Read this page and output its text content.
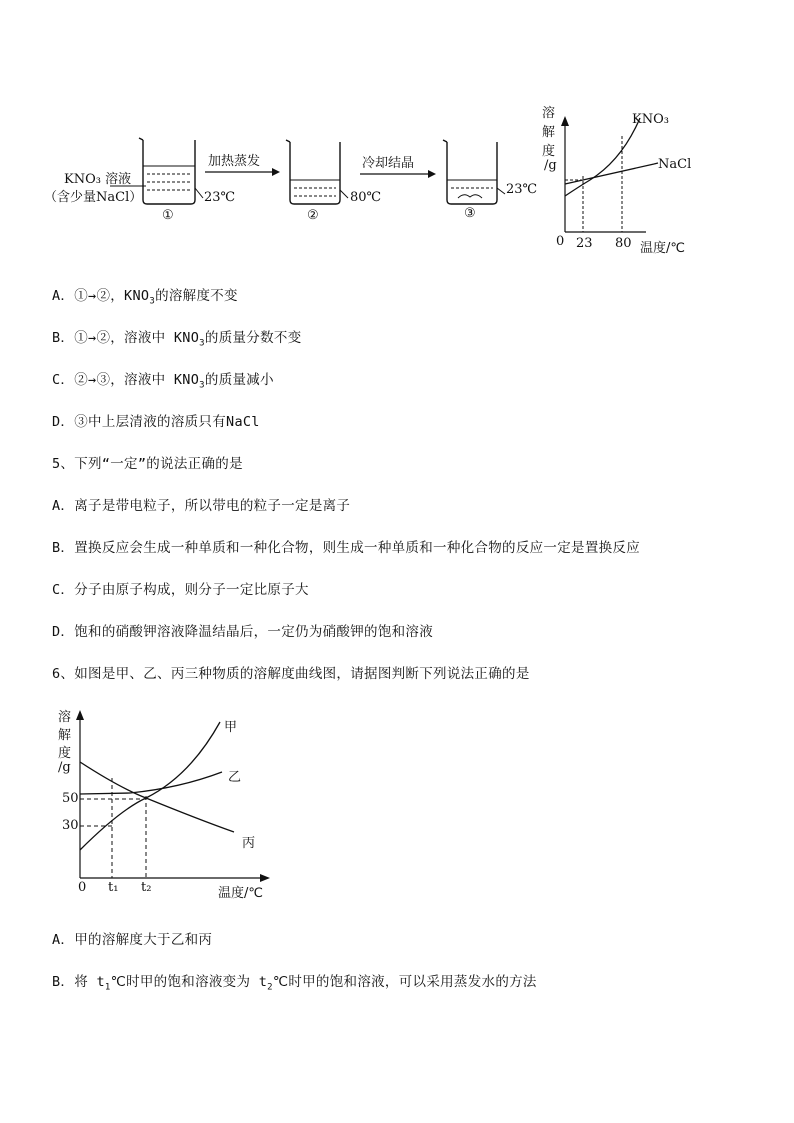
KNO₃ 溶液
（含少量NaCl）	23℃
①
加热蒸发
80℃
②
冷却结晶
23℃
③
溶
解
度
/g
KNO₃
NaCl
0 23 80 温度/℃
A．①→②，$KNO_3$的溶解度不变
B．①→②，溶液中 $KNO_3$的质量分数不变
C．②→③，溶液中 $KNO_3$的质量减小
D．③中上层清液的溶质只有NaCl
5、下列“一定”的说法正确的是
A．离子是带电粒子，所以带电的粒子一定是离子
B．置换反应会生成一种单质和一种化合物，则生成一种单质和一种化合物的反应一定是置换反应
C．分子由原子构成，则分子一定比原子大
D．饱和的硝酸钾溶液降温结晶后，一定仍为硝酸钾的饱和溶液
6、如图是甲、乙、丙三种物质的溶解度曲线图，请据图判断下列说法正确的是
溶
解
度
/g
50
30
0 t₁ t₂	温度/℃
甲
乙
丙
A．甲的溶解度大于乙和丙
B．将 $t_1℃$时甲的饱和溶液变为 $t_2℃$时甲的饱和溶液，可以采用蒸发水的方法
